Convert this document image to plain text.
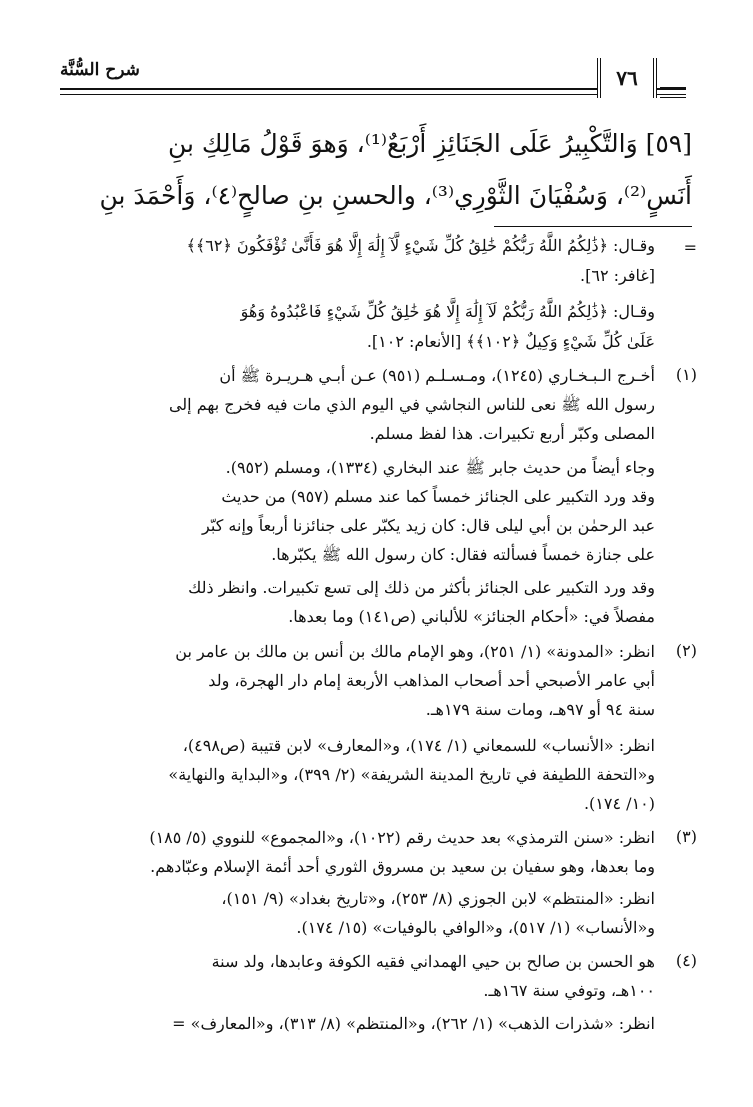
شرح السُّنَّة	٧٦
[٥٩] وَالتَّكْبِيرُ عَلَى الجَنَائِزِ أَرْبَعٌ⁽¹⁾، وَهوَ قَوْلُ مَالِكِ بنِ
أَنَسٍ⁽²⁾، وَسُفْيَانَ الثَّوْرِي⁽³⁾، والحسنِ بنِ صالحٍ⁽٤⁾، وَأَحْمَدَ بنِ
=
وقـال: ﴿ذَٰلِكُمُ اللَّهُ رَبُّكُمْ خَٰلِقُ كُلِّ شَيْءٍ لَّآ إِلَٰهَ إِلَّا هُوَ فَأَنَّىٰ تُؤْفَكُونَ ﴿٦٢﴾﴾
[غافر: ٦٢].
وقـال: ﴿ذَٰلِكُمُ اللَّهُ رَبُّكُمْ لَآ إِلَٰهَ إِلَّا هُوَ خَٰلِقُ كُلِّ شَيْءٍ فَاعْبُدُوهُ وَهُوَ
عَلَىٰ كُلِّ شَيْءٍ وَكِيلٌ ﴿١٠٢﴾﴾ [الأنعام: ١٠٢].
(١)
أخـرج الـبـخـاري (١٢٤٥)، ومـسـلـم (٩٥١) عـن أبـي هـريـرة ﷺ أن
رسول الله ﷺ نعى للناس النجاشي في اليوم الذي مات فيه فخرج بهم إلى
المصلى وكبّر أربع تكبيرات. هذا لفظ مسلم.
وجاء أيضاً من حديث جابر ﷺ عند البخاري (١٣٣٤)، ومسلم (٩٥٢).
وقد ورد التكبير على الجنائز خمساً كما عند مسلم (٩٥٧) من حديث
عبد الرحمٰن بن أبي ليلى قال: كان زيد يكبّر على جنائزنا أربعاً وإنه كبّر
على جنازة خمساً فسألته فقال: كان رسول الله ﷺ يكبّرها.
وقد ورد التكبير على الجنائز بأكثر من ذلك إلى تسع تكبيرات. وانظر ذلك
مفصلاً في: «أحكام الجنائز» للألباني (ص١٤١) وما بعدها.
(٢)
انظر: «المدونة» (١/ ٢٥١)، وهو الإمام مالك بن أنس بن مالك بن عامر بن
أبي عامر الأصبحي أحد أصحاب المذاهب الأربعة إمام دار الهجرة، ولد
سنة ٩٤ أو ٩٧هـ، ومات سنة ١٧٩هـ.
انظر: «الأنساب» للسمعاني (١/ ١٧٤)، و«المعارف» لابن قتيبة (ص٤٩٨)،
و«التحفة اللطيفة في تاريخ المدينة الشريفة» (٢/ ٣٩٩)، و«البداية والنهاية»
(١٠/ ١٧٤).
(٣)
انظر: «سنن الترمذي» بعد حديث رقم (١٠٢٢)، و«المجموع» للنووي (٥/ ١٨٥)
وما بعدها، وهو سفيان بن سعيد بن مسروق الثوري أحد أئمة الإسلام وعبّادهم.
انظر: «المنتظم» لابن الجوزي (٨/ ٢٥٣)، و«تاريخ بغداد» (٩/ ١٥١)،
و«الأنساب» (١/ ٥١٧)، و«الوافي بالوفيات» (١٥/ ١٧٤).
(٤)
هو الحسن بن صالح بن حيي الهمداني فقيه الكوفة وعابدها، ولد سنة
١٠٠هـ، وتوفي سنة ١٦٧هـ.
انظر: «شذرات الذهب» (١/ ٢٦٢)، و«المنتظم» (٨/ ٣١٣)، و«المعارف» =
